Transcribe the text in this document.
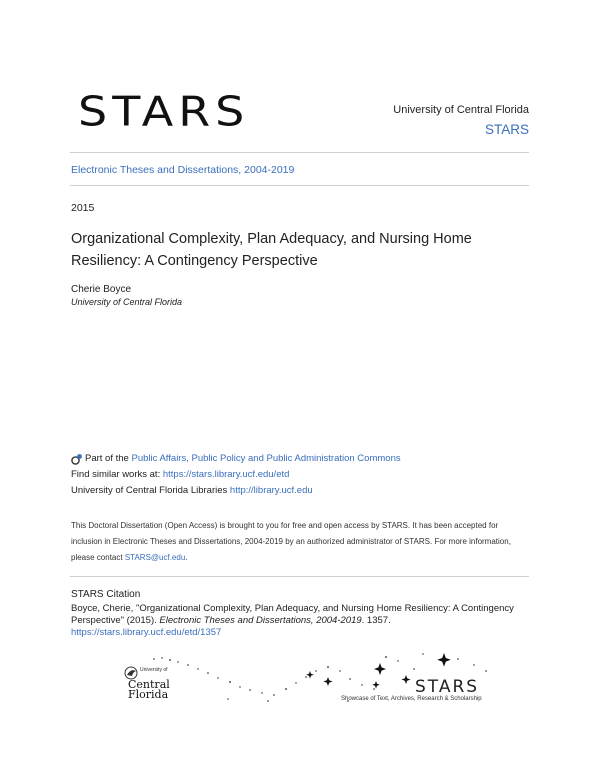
STARS	University of Central Florida
STARS
Electronic Theses and Dissertations, 2004-2019
2015
Organizational Complexity, Plan Adequacy, and Nursing Home Resiliency: A Contingency Perspective
Cherie Boyce
University of Central Florida
Part of the
Public Affairs, Public Policy and Public Administration Commons
Find similar works at: https://stars.library.ucf.edu/etd
University of Central Florida Libraries http://library.ucf.edu
This Doctoral Dissertation (Open Access) is brought to you for free and open access by STARS. It has been accepted for inclusion in Electronic Theses and Dissertations, 2004-2019 by an authorized administrator of STARS. For more information, please contact STARS@ucf.edu.
STARS Citation
Boyce, Cherie, "Organizational Complexity, Plan Adequacy, and Nursing Home Resiliency: A Contingency Perspective" (2015). Electronic Theses and Dissertations, 2004-2019. 1357.
https://stars.library.ucf.edu/etd/1357
University of
Central
Florida	STARS
Showcase of Text, Archives, Research & Scholarship
